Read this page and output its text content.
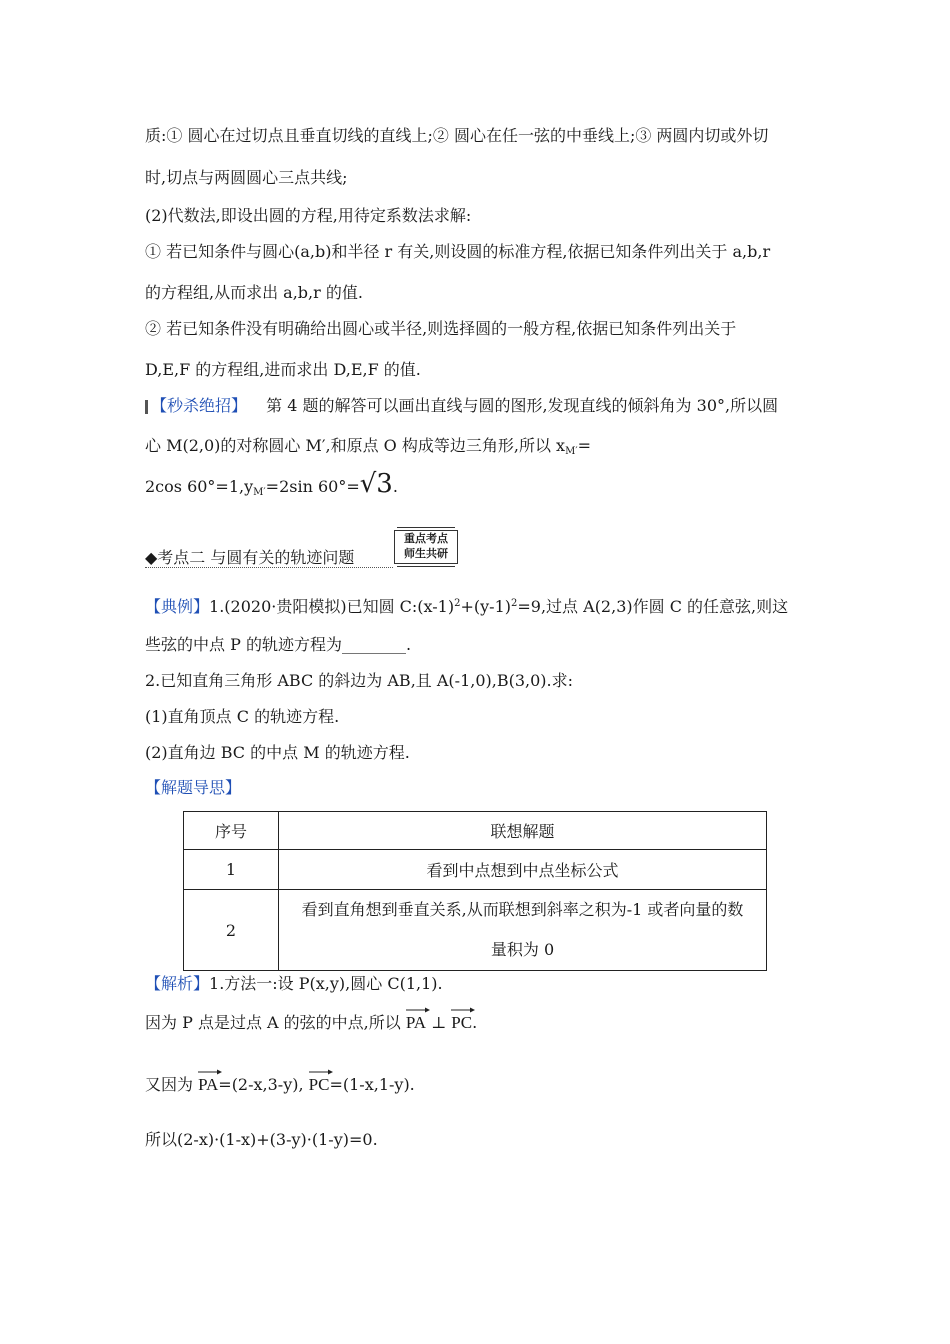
质:① 圆心在过切点且垂直切线的直线上;② 圆心在任一弦的中垂线上;③ 两圆内切或外切
时,切点与两圆圆心三点共线;
(2)代数法,即设出圆的方程,用待定系数法求解:
① 若已知条件与圆心(a,b)和半径 r 有关,则设圆的标准方程,依据已知条件列出关于 a,b,r
的方程组,从而求出 a,b,r 的值.
② 若已知条件没有明确给出圆心或半径,则选择圆的一般方程,依据已知条件列出关于
D,E,F 的方程组,进而求出 D,E,F 的值.
【秒杀绝招】 第 4 题的解答可以画出直线与圆的图形,发现直线的倾斜角为 30°,所以圆
心 M(2,0)的对称圆心 M′,和原点 O 构成等边三角形,所以 $x_{M'}=$
2cos $60^\circ=1,y_{M'}=2\sin$ 60°=√3.
◆考点二 与圆有关的轨迹问题
重点考点
师生共研
【典例】1.(2020·贵阳模拟)已知圆 $C:(x-1)^2+(y-1)^2=9$,过点 A(2,3)作圆 C 的任意弦,则这
些弦的中点 P 的轨迹方程为________.
2.已知直角三角形 ABC 的斜边为 AB,且 A(-1,0),B(3,0).求:
(1)直角顶点 C 的轨迹方程.
(2)直角边 BC 的中点 M 的轨迹方程.
【解题导思】
序号	联想解题
1	看到中点想到中点坐标公式
2	看到直角想到垂直关系,从而联想到斜率之积为-1 或者向量的数
量积为 0
【解析】1.方法一:设 P(x,y),圆心 C(1,1).
因为 P 点是过点 A 的弦的中点,所以 PA ⊥ PC.
又因为 PA=(2-x,3-y), PC=(1-x,1-y).
所以(2-x)·(1-x)+(3-y)·(1-y)=0.
